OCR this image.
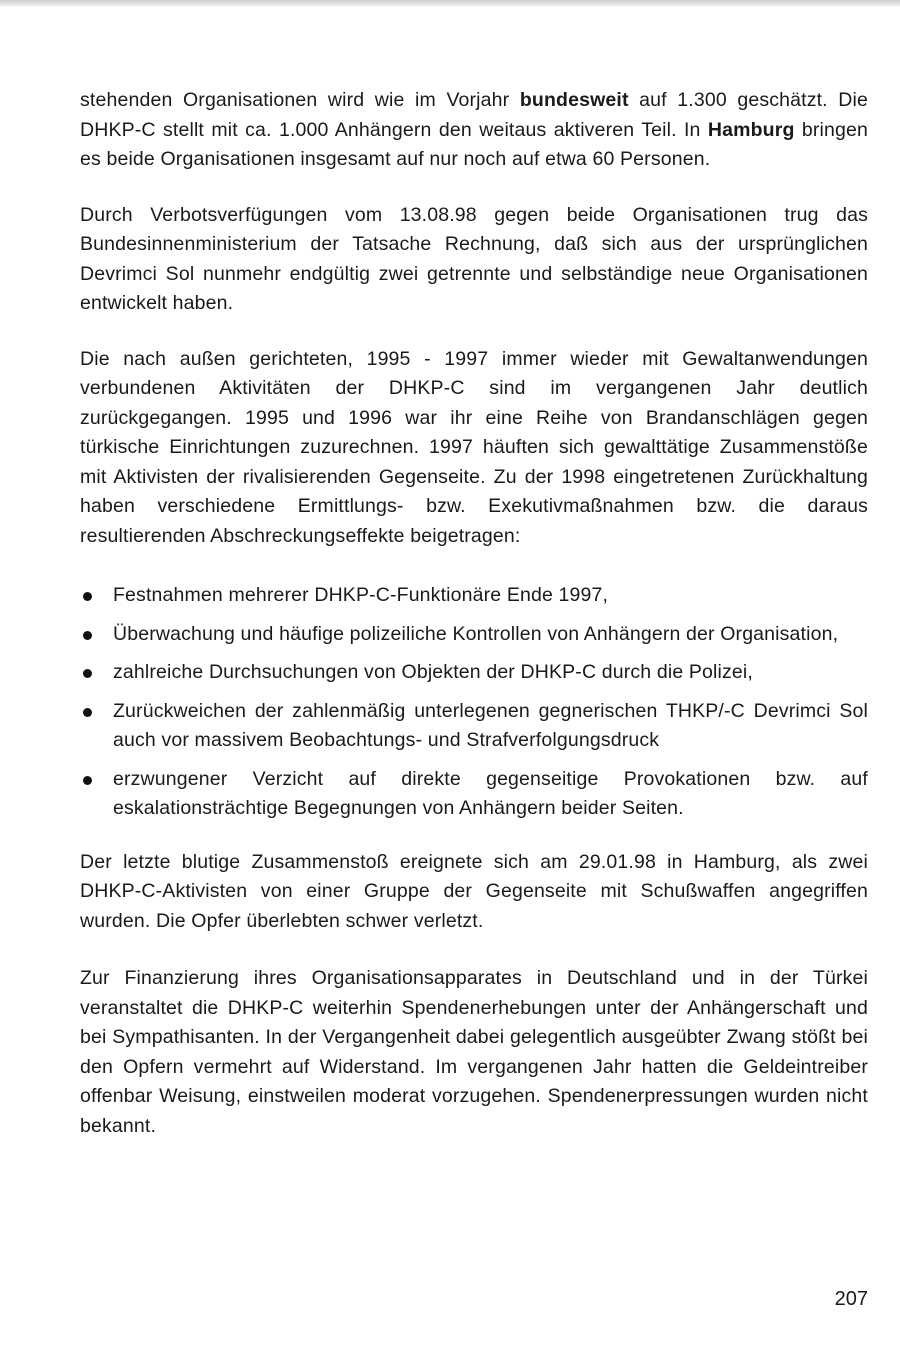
stehenden Organisationen wird wie im Vorjahr bundesweit auf 1.300 geschätzt. Die DHKP-C stellt mit ca. 1.000 Anhängern den weitaus aktiveren Teil. In Hamburg bringen es beide Organisationen insgesamt auf nur noch auf etwa 60 Personen.

Durch Verbotsverfügungen vom 13.08.98 gegen beide Organisationen trug das Bundesinnenministerium der Tatsache Rechnung, daß sich aus der ursprünglichen Devrimci Sol nunmehr endgültig zwei getrennte und selbständige neue Organisationen entwickelt haben.

Die nach außen gerichteten, 1995 - 1997 immer wieder mit Gewaltanwendungen verbundenen Aktivitäten der DHKP-C sind im vergangenen Jahr deutlich zurückgegangen. 1995 und 1996 war ihr eine Reihe von Brandanschlägen gegen türkische Einrichtungen zuzurechnen. 1997 häuften sich gewalttätige Zusammenstöße mit Aktivisten der rivalisierenden Gegenseite. Zu der 1998 eingetretenen Zurückhaltung haben verschiedene Ermittlungs- bzw. Exekutivmaßnahmen bzw. die daraus resultierenden Abschreckungseffekte beigetragen:

Festnahmen mehrerer DHKP-C-Funktionäre Ende 1997,
Überwachung und häufige polizeiliche Kontrollen von Anhängern der Organisation,
zahlreiche Durchsuchungen von Objekten der DHKP-C durch die Polizei,
Zurückweichen der zahlenmäßig unterlegenen gegnerischen THKP/-C Devrimci Sol auch vor massivem Beobachtungs- und Strafverfolgungsdruck
erzwungener Verzicht auf direkte gegenseitige Provokationen bzw. auf eskalationsträchtige Begegnungen von Anhängern beider Seiten.

Der letzte blutige Zusammenstoß ereignete sich am 29.01.98 in Hamburg, als zwei DHKP-C-Aktivisten von einer Gruppe der Gegenseite mit Schußwaffen angegriffen wurden. Die Opfer überlebten schwer verletzt.

Zur Finanzierung ihres Organisationsapparates in Deutschland und in der Türkei veranstaltet die DHKP-C weiterhin Spendenerhebungen unter der Anhängerschaft und bei Sympathisanten. In der Vergangenheit dabei gelegentlich ausgeübter Zwang stößt bei den Opfern vermehrt auf Widerstand. Im vergangenen Jahr hatten die Geldeintreiber offenbar Weisung, einstweilen moderat vorzugehen. Spendenerpressungen wurden nicht bekannt.

207
